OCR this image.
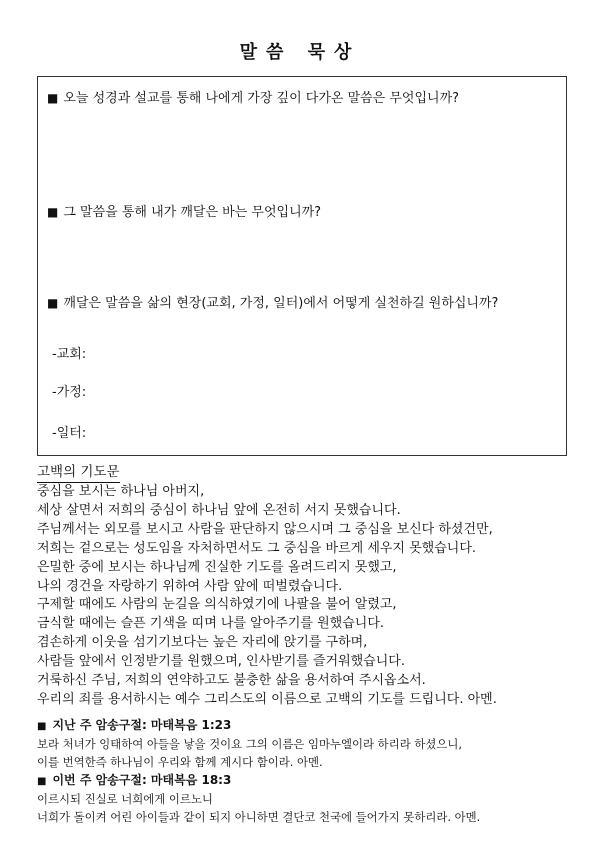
말씀 묵상
■ 오늘 성경과 설교를 통해 나에게 가장 깊이 다가온 말씀은 무엇입니까?
■ 그 말씀을 통해 내가 깨달은 바는 무엇입니까?
■ 깨달은 말씀을 삶의 현장(교회, 가정, 일터)에서 어떻게 실천하길 원하십니까?
-교회:
-가정:
-일터:
고백의 기도문
중심을 보시는 하나님 아버지,
세상 살면서 저희의 중심이 하나님 앞에 온전히 서지 못했습니다.
주님께서는 외모를 보시고 사람을 판단하지 않으시며 그 중심을 보신다 하셨건만,
저희는 겉으로는 성도임을 자처하면서도 그 중심을 바르게 세우지 못했습니다.
은밀한 중에 보시는 하나님께 진실한 기도를 올려드리지 못했고,
나의 경건을 자랑하기 위하여 사람 앞에 떠벌렸습니다.
구제할 때에도 사람의 눈길을 의식하였기에 나팔을 불어 알렸고,
금식할 때에는 슬픈 기색을 띠며 나를 알아주기를 원했습니다.
겸손하게 이웃을 섬기기보다는 높은 자리에 앉기를 구하며,
사람들 앞에서 인정받기를 원했으며, 인사받기를 즐거워했습니다.
거룩하신 주님, 저희의 연약하고도 불충한 삶을 용서하여 주시옵소서.
우리의 죄를 용서하시는 예수 그리스도의 이름으로 고백의 기도를 드립니다. 아멘.
■ 지난 주 암송구절: 마태복음 1:23
보라 처녀가 잉태하여 아들을 낳을 것이요 그의 이름은 임마누엘이라 하리라 하셨으니,
이를 번역한즉 하나님이 우리와 함께 계시다 함이라. 아멘.
■ 이번 주 암송구절: 마태복음 18:3
이르시되 진실로 너희에게 이르노니
너희가 돌이켜 어린 아이들과 같이 되지 아니하면 결단코 천국에 들어가지 못하리라. 아멘.
